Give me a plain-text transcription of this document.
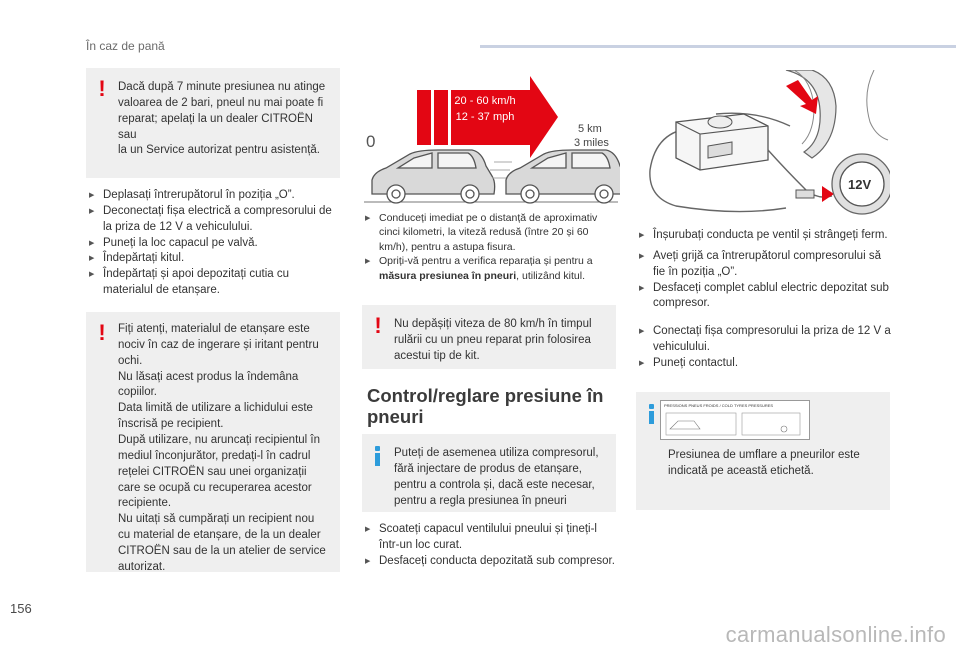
În caz de pană
! Dacă după 7 minute presiunea nu atinge
valoarea de 2 bari, pneul nu mai poate fi
reparat; apelați la un dealer CITROËN sau
la un Service autorizat pentru asistență.

▶ Deplasați întrerupătorul în poziția „O”.
▶ Deconectați fișa electrică a compresorului de la priza de 12 V a vehiculului.
▶ Puneți la loc capacul pe valvă.
▶ Îndepărtați kitul.
▶ Îndepărtați și apoi depozitați cutia cu materialul de etanșare.
! Fiți atenți, materialul de etanșare este
nociv în caz de ingerare și iritant pentru
ochi.
Nu lăsați acest produs la îndemâna
copiilor.
Data limită de utilizare a lichidului este
înscrisă pe recipient.
După utilizare, nu aruncați recipientul în
mediul înconjurător, predați-l în cadrul
rețelei CITROËN sau unei organizații
care se ocupă cu recuperarea acestor
recipiente.
Nu uitați să cumpărați un recipient nou
cu material de etanșare, de la un dealer
CITROËN sau de la un atelier de service
autorizat.

20 - 60 km/h
12 - 37 mph
0
5 km
3 miles
▶ Conduceți imediat pe o distanță de aproximativ cinci kilometri, la viteză redusă (între 20 și 60 km/h), pentru a astupa fisura.
▶ Opriți-vă pentru a verifica reparația și pentru a măsura presiunea în pneuri, utilizând kitul.
! Nu depășiți viteza de 80 km/h în timpul
rulării cu un pneu reparat prin folosirea
acestui tip de kit.

Control/reglare presiune în pneuri

Puteți de asemenea utiliza compresorul,
fără injectare de produs de etanșare,
pentru a controla și, dacă este necesar,
pentru a regla presiunea în pneuri

▶ Scoateți capacul ventilului pneului și țineți-l într-un loc curat.
▶ Desfaceți conducta depozitată sub compresor.
12V
▶ Înșurubați conducta pe ventil și strângeți ferm.
▶ Aveți grijă ca întrerupătorul compresorului să fie în poziția „O”.
▶ Desfaceți complet cablul electric depozitat sub compresor.
▶ Conectați fișa compresorului la priza de 12 V a vehiculului.
▶ Puneți contactul.
PRESSIONS PNEUS FROIDS / COLD TYRES PRESSURES

Presiunea de umflare a pneurilor este
indicată pe această etichetă.

156
carmanualsonline.info
